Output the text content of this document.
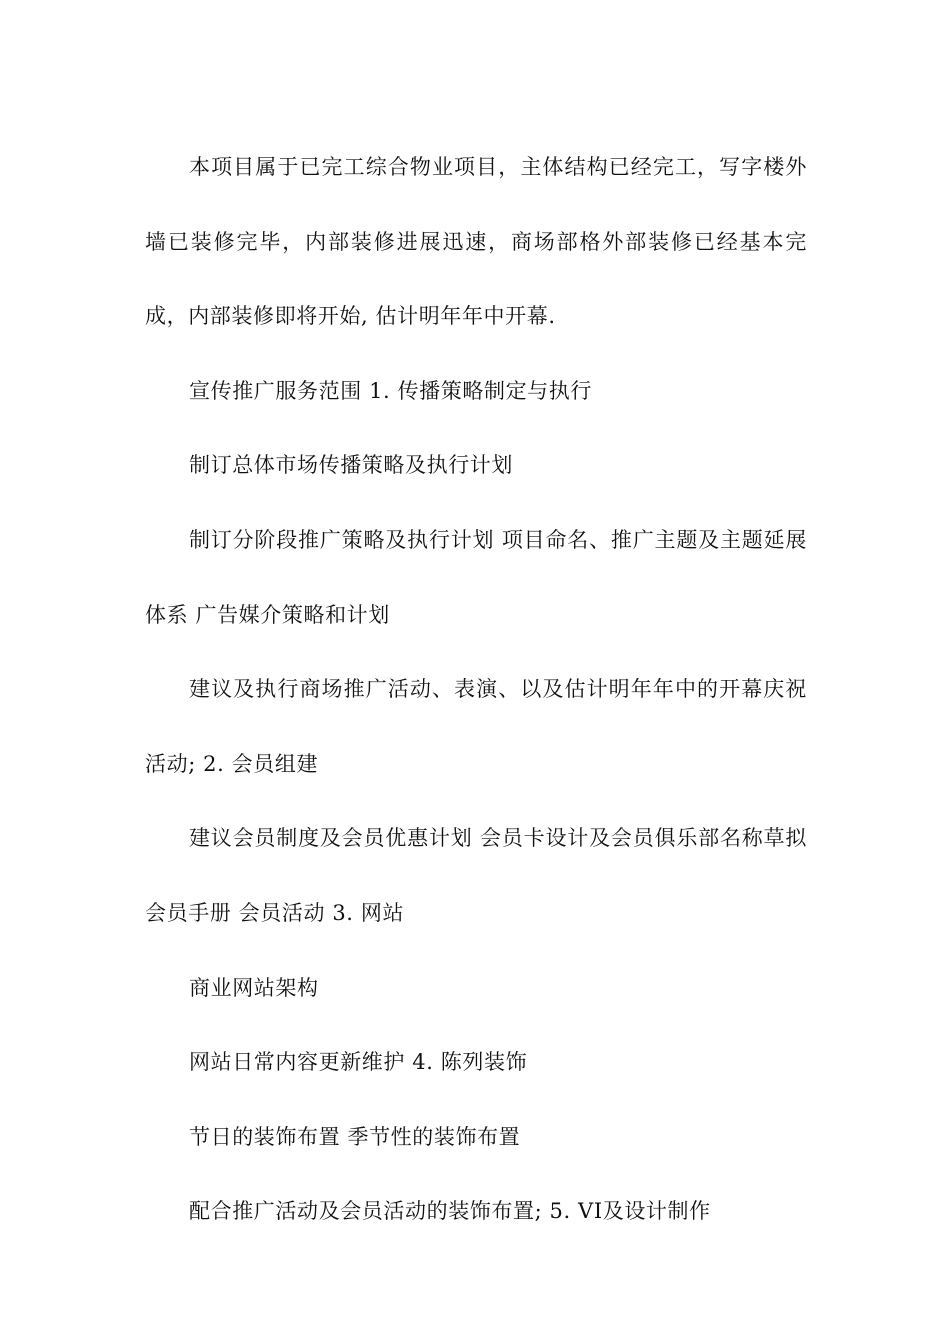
本项目属于已完工综合物业项目，主体结构已经完工，写字楼外墙已装修完毕，内部装修进展迅速，商场部格外部装修已经基本完成，内部装修即将开始, 估计明年年中开幕.

宣传推广服务范围 1. 传播策略制定与执行

制订总体市场传播策略及执行计划

制订分阶段推广策略及执行计划 项目命名、推广主题及主题延展体系 广告媒介策略和计划

建议及执行商场推广活动、表演、以及估计明年年中的开幕庆祝活动; 2. 会员组建

建议会员制度及会员优惠计划 会员卡设计及会员俱乐部名称草拟会员手册 会员活动 3. 网站

商业网站架构

网站日常内容更新维护 4. 陈列装饰

节日的装饰布置 季节性的装饰布置

配合推广活动及会员活动的装饰布置; 5. VI及设计制作
